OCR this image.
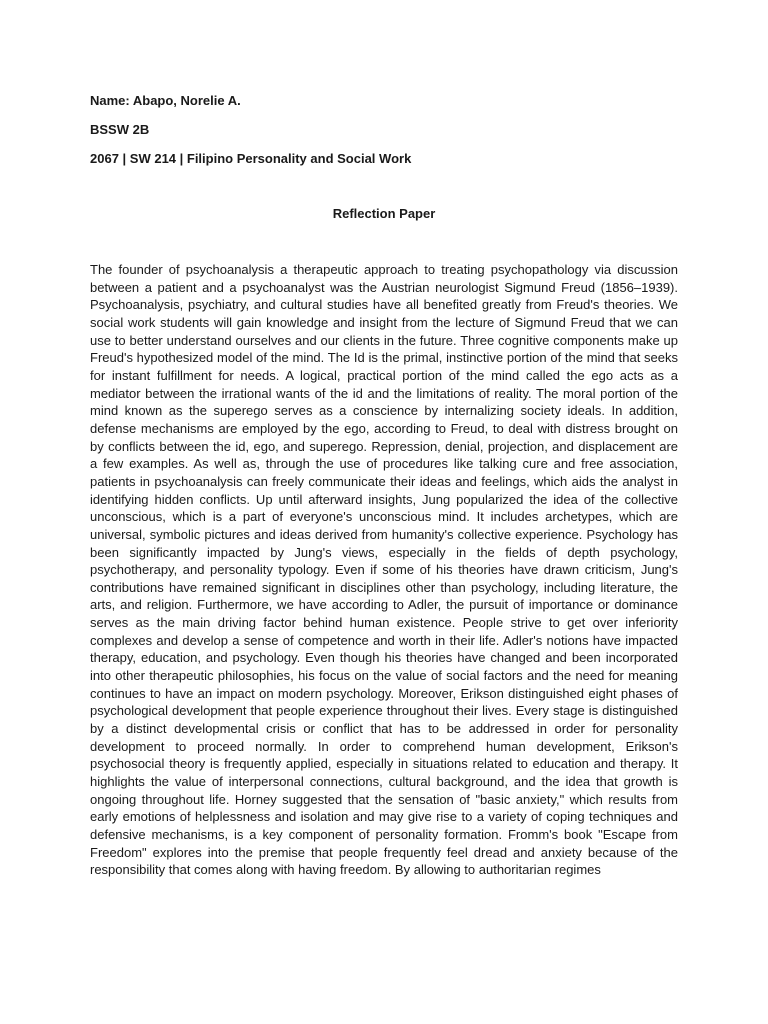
Name: Abapo, Norelie A.

BSSW 2B

2067 | SW 214 | Filipino Personality and Social Work

Reflection Paper

The founder of psychoanalysis a therapeutic approach to treating psychopathology via discussion between a patient and a psychoanalyst was the Austrian neurologist Sigmund Freud (1856–1939). Psychoanalysis, psychiatry, and cultural studies have all benefited greatly from Freud's theories. We social work students will gain knowledge and insight from the lecture of Sigmund Freud that we can use to better understand ourselves and our clients in the future. Three cognitive components make up Freud's hypothesized model of the mind. The Id is the primal, instinctive portion of the mind that seeks for instant fulfillment for needs. A logical, practical portion of the mind called the ego acts as a mediator between the irrational wants of the id and the limitations of reality. The moral portion of the mind known as the superego serves as a conscience by internalizing society ideals. In addition, defense mechanisms are employed by the ego, according to Freud, to deal with distress brought on by conflicts between the id, ego, and superego. Repression, denial, projection, and displacement are a few examples. As well as, through the use of procedures like talking cure and free association, patients in psychoanalysis can freely communicate their ideas and feelings, which aids the analyst in identifying hidden conflicts. Up until afterward insights, Jung popularized the idea of the collective unconscious, which is a part of everyone's unconscious mind. It includes archetypes, which are universal, symbolic pictures and ideas derived from humanity's collective experience. Psychology has been significantly impacted by Jung's views, especially in the fields of depth psychology, psychotherapy, and personality typology. Even if some of his theories have drawn criticism, Jung's contributions have remained significant in disciplines other than psychology, including literature, the arts, and religion. Furthermore, we have according to Adler, the pursuit of importance or dominance serves as the main driving factor behind human existence. People strive to get over inferiority complexes and develop a sense of competence and worth in their life. Adler's notions have impacted therapy, education, and psychology. Even though his theories have changed and been incorporated into other therapeutic philosophies, his focus on the value of social factors and the need for meaning continues to have an impact on modern psychology. Moreover, Erikson distinguished eight phases of psychological development that people experience throughout their lives. Every stage is distinguished by a distinct developmental crisis or conflict that has to be addressed in order for personality development to proceed normally. In order to comprehend human development, Erikson's psychosocial theory is frequently applied, especially in situations related to education and therapy. It highlights the value of interpersonal connections, cultural background, and the idea that growth is ongoing throughout life. Horney suggested that the sensation of "basic anxiety," which results from early emotions of helplessness and isolation and may give rise to a variety of coping techniques and defensive mechanisms, is a key component of personality formation. Fromm's book "Escape from Freedom" explores into the premise that people frequently feel dread and anxiety because of the responsibility that comes along with having freedom. By allowing to authoritarian regimes
